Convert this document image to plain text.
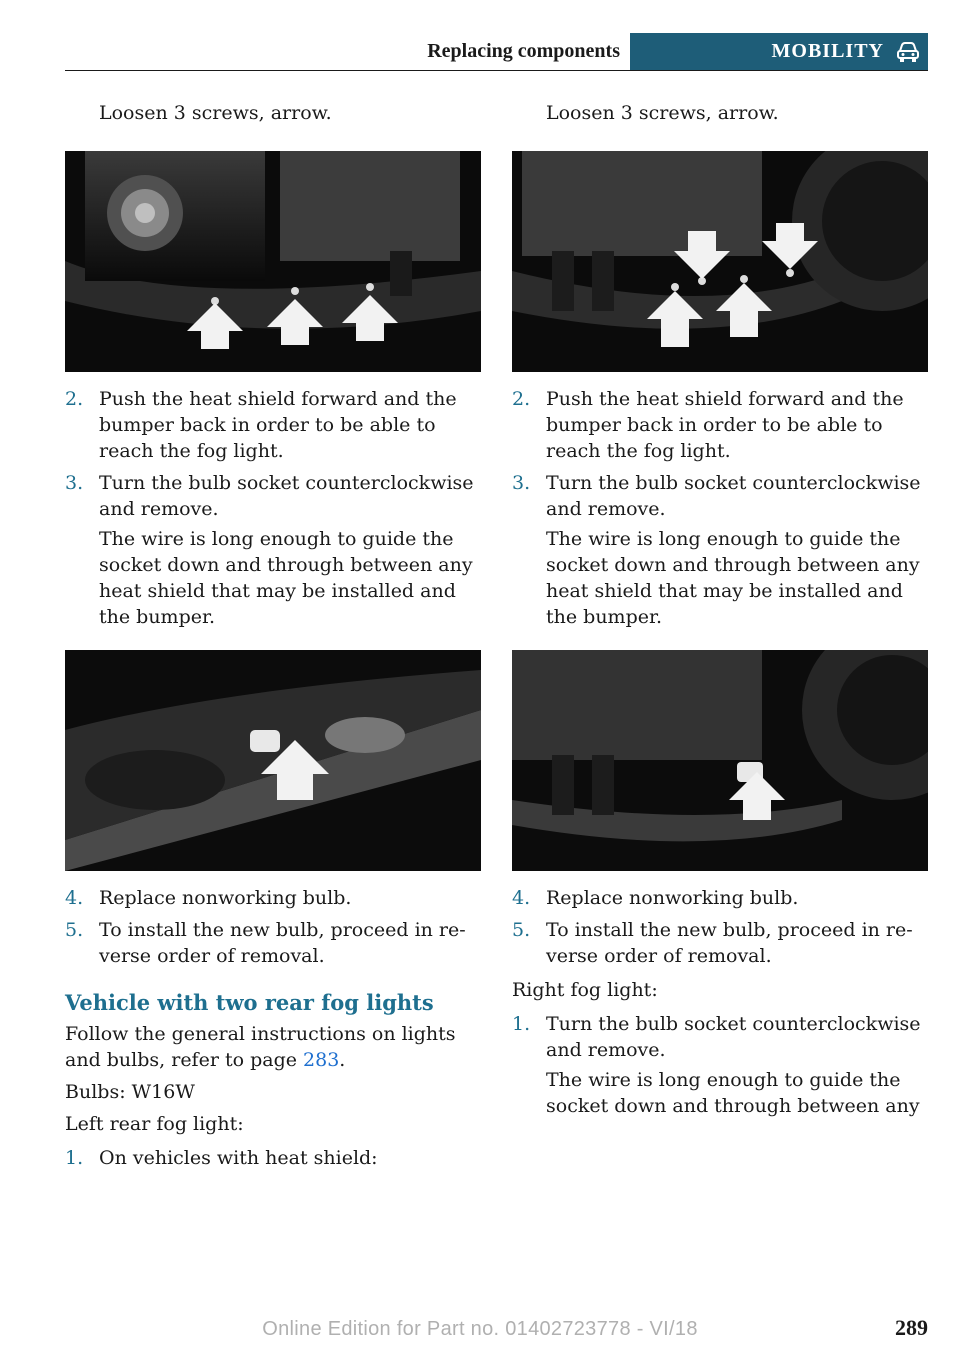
Replacing components	MOBILITY

Loosen 3 screws, arrow.

2. Push the heat shield forward and the bumper back in order to be able to reach the fog light.
3. Turn the bulb socket counterclockwise and remove.
The wire is long enough to guide the socket down and through between any heat shield that may be installed and the bumper.
4. Replace nonworking bulb.
5. To install the new bulb, proceed in re‐verse order of removal.
Vehicle with two rear fog lights

Follow the general instructions on lights and bulbs, refer to page 283.

Bulbs: W16W

Left rear fog light:

1. On vehicles with heat shield:

Loosen 3 screws, arrow.

2. Push the heat shield forward and the bumper back in order to be able to reach the fog light.
3. Turn the bulb socket counterclockwise and remove.
The wire is long enough to guide the socket down and through between any heat shield that may be installed and the bumper.
4. Replace nonworking bulb.
5. To install the new bulb, proceed in re‐verse order of removal.

Right fog light:

1. Turn the bulb socket counterclockwise and remove.
The wire is long enough to guide the socket down and through between any
Online Edition for Part no. 01402723778 - VI/18	289
